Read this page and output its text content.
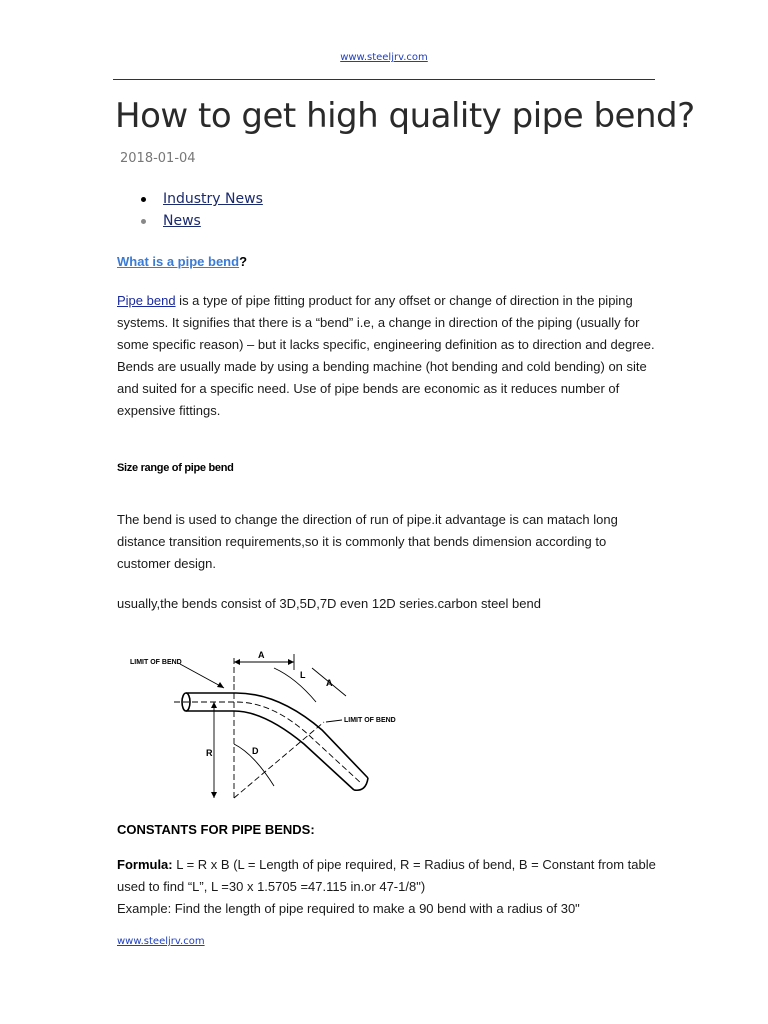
www.steeljrv.com
How to get high quality pipe bend?
2018-01-04
Industry News
News
What is a pipe bend?

Pipe bend is a type of pipe fitting product for any offset or change of direction in the piping systems. It signifies that there is a “bend” i.e, a change in direction of the piping (usually for some specific reason) – but it lacks specific, engineering definition as to direction and degree. Bends are usually made by using a bending machine (hot bending and cold bending) on site and suited for a specific need. Use of pipe bends are economic as it reduces number of expensive fittings.

Size range of pipe bend

The bend is used to change the direction of run of pipe.it advantage is can matach long distance transition requirements,so it is commonly that bends dimension according to customer design.

usually,the bends consist of 3D,5D,7D even 12D series.carbon steel bend

LIMIT OF BEND
LIMIT OF BEND
A
A
L
R	D
CONSTANTS FOR PIPE BENDS:

Formula: L = R x B (L = Length of pipe required, R = Radius of bend, B = Constant from table used to find “L”, L =30 x 1.5705 =47.115 in.or 47-1/8")
Example: Find the length of pipe required to make a 90 bend with a radius of 30"

www.steeljrv.com
